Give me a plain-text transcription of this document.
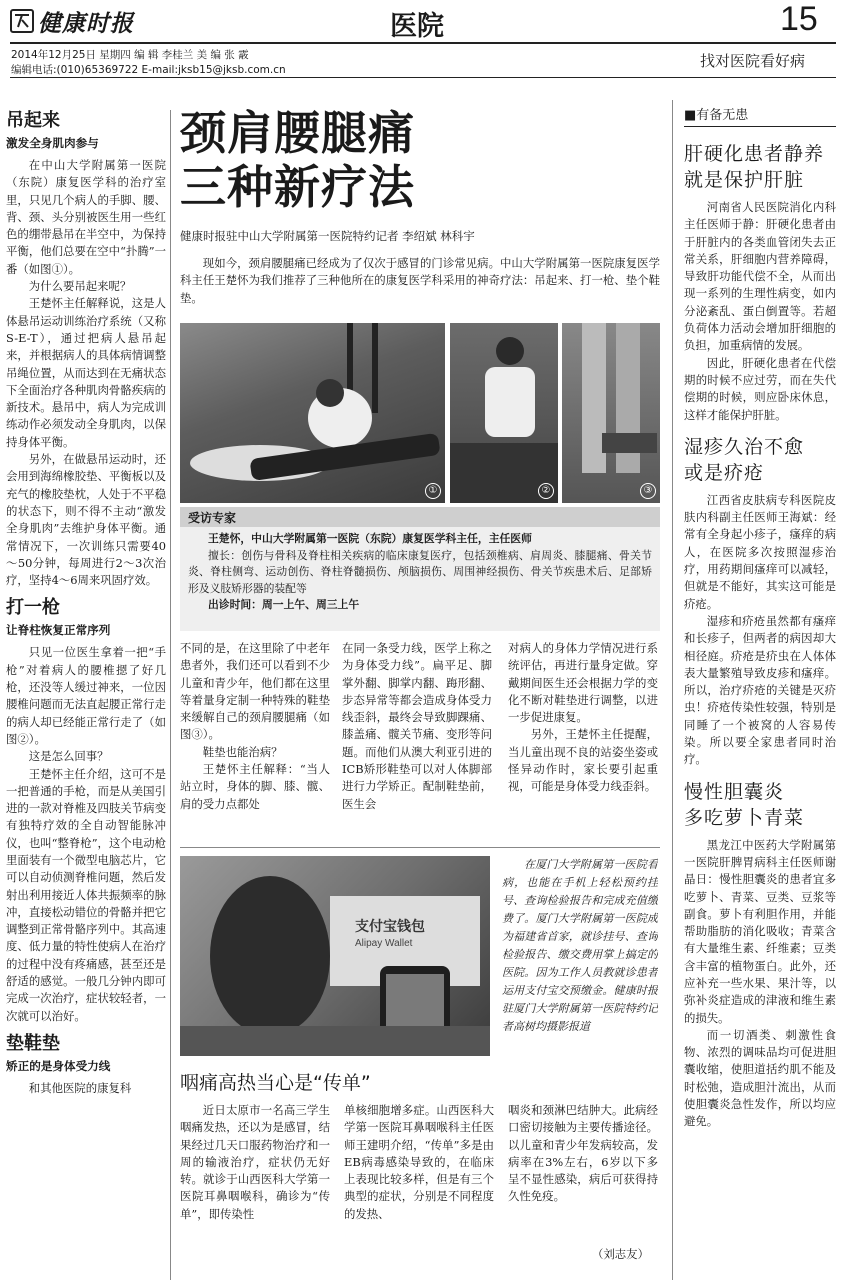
健康时报	医院	15
2014年12月25日 星期四 编 辑 李桂兰 美 编 张 霰
编辑电话:(010)65369722 E-mail:jksb15@jksb.com.cn	找对医院看好病
吊起来
激发全身肌肉参与

在中山大学附属第一医院（东院）康复医学科的治疗室里，只见几个病人的手脚、腰、背、颈、头分别被医生用一些红色的绷带悬吊在半空中，为保持平衡，他们总要在空中“扑腾”一番（如图①）。

为什么要吊起来呢？

王楚怀主任解释说，这是人体悬吊运动训练治疗系统（又称S-E-T），通过把病人悬吊起来，并根据病人的具体病情调整吊绳位置，从而达到在无痛状态下全面治疗各种肌肉骨骼疾病的新技术。悬吊中，病人为完成训练动作必须发动全身肌肉，以保持身体平衡。

另外，在做悬吊运动时，还会用到海绵橡胶垫、平衡板以及充气的橡胶垫枕，人处于不平稳的状态下，则不得不主动“激发全身肌肉”去维护身体平衡。通常情况下，一次训练只需要40～50分钟，每周进行2～3次治疗，坚持4～6周来巩固疗效。

打一枪
让脊柱恢复正常序列

只见一位医生拿着一把“手枪”对着病人的腰椎摁了好几枪，还没等人缓过神来，一位因腰椎问题而无法直起腰正常行走的病人却已经能正常行走了（如图②）。

这是怎么回事？

王楚怀主任介绍，这可不是一把普通的手枪，而是从美国引进的一款对脊椎及四肢关节病变有独特疗效的全自动智能脉冲仪，也叫“整脊枪”，这个电动枪里面装有一个微型电脑芯片，它可以自动侦测脊椎问题，然后发射出利用接近人体共振频率的脉冲，直接松动错位的骨骼并把它调整到正常骨骼序列中。其高速度、低力量的特性使病人在治疗的过程中没有疼痛感，甚至还是舒适的感觉。一般几分钟内即可完成一次治疗，症状较轻者，一次就可以治好。

垫鞋垫
矫正的是身体受力线

和其他医院的康复科

颈肩腰腿痛
三种新疗法
健康时报驻中山大学附属第一医院特约记者 李绍斌 林科宇

现如今，颈肩腰腿痛已经成为了仅次于感冒的门诊常见病。中山大学附属第一医院康复医学科主任王楚怀为我们推荐了三种他所在的康复医学科采用的神奇疗法：吊起来、打一枪、垫个鞋垫。

①	②	③
受访专家

王楚怀，中山大学附属第一医院（东院）康复医学科主任，主任医师

擅长：创伤与骨科及脊柱相关疾病的临床康复医疗，包括颈椎病、肩周炎、膝腿痛、骨关节炎、脊柱侧弯、运动创伤、脊柱脊髓损伤、颅脑损伤、周围神经损伤、骨关节疾患术后、足部矫形及义肢矫形器的装配等

出诊时间：周一上午、周三上午

不同的是，在这里除了中老年患者外，我们还可以看到不少儿童和青少年，他们都在这里等着量身定制一种特殊的鞋垫来缓解自己的颈肩腰腿痛（如图③）。

鞋垫也能治病？

王楚怀主任解释：“当人站立时，身体的脚、膝、髋、肩的受力点都处

在同一条受力线，医学上称之为身体受力线”。扁平足、脚掌外翻、脚掌内翻、踇形翻、步态异常等都会造成身体受力线歪斜，最终会导致脚踝痛、膝盖痛、髋关节痛、变形等问题。而他们从澳大利亚引进的ICB矫形鞋垫可以对人体脚部进行力学矫正。配制鞋垫前，医生会

对病人的身体力学情况进行系统评估，再进行量身定做。穿戴期间医生还会根据力学的变化不断对鞋垫进行调整，以进一步促进康复。

另外，王楚怀主任提醒，当儿童出现不良的站姿坐姿或怪异动作时，家长要引起重视，可能是身体受力线歪斜。

支付宝钱包
Alipay Wallet

在厦门大学附属第一医院看病，也能在手机上轻松预约挂号、查询检验报告和完成充值缴费了。厦门大学附属第一医院成为福建省首家，就诊挂号、查询检验报告、缴交费用掌上搞定的医院。因为工作人员教就诊患者运用支付宝交预缴金。健康时报驻厦门大学附属第一医院特约记者高树均摄影报道

咽痛高热当心是“传单”

近日太原市一名高三学生咽痛发热，还以为是感冒，结果经过几天口服药物治疗和一周的输液治疗，症状仍无好转。就诊于山西医科大学第一医院耳鼻咽喉科，确诊为“传单”，即传染性

单核细胞增多症。山西医科大学第一医院耳鼻咽喉科主任医师王建明介绍，“传单”多是由EB病毒感染导致的，在临床上表现比较多样，但是有三个典型的症状，分别是不同程度的发热、

咽炎和颈淋巴结肿大。此病经口密切接触为主要传播途径。以儿童和青少年发病较高，发病率在3%左右，6岁以下多呈不显性感染，病后可获得持久性免疫。

（刘志友）
■有备无患
肝硬化患者静养
就是保护肝脏

河南省人民医院消化内科主任医师于静：肝硬化患者由于肝脏内的各类血管闭失去正常关系，肝细胞内营养障碍，导致肝功能代偿不全，从而出现一系列的生理性病变，如内分泌紊乱、蛋白倒置等。若超负荷体力活动会增加肝细胞的负担，加重病情的发展。

因此，肝硬化患者在代偿期的时候不应过劳，而在失代偿期的时候，则应卧床休息，这样才能保护肝脏。

湿疹久治不愈
或是疥疮

江西省皮肤病专科医院皮肤内科副主任医师王海斌：经常有全身起小疹子，瘙痒的病人，在医院多次按照湿疹治疗，用药期间瘙痒可以减轻，但就是不能好，其实这可能是疥疮。

湿疹和疥疮虽然都有瘙痒和长疹子，但两者的病因却大相径庭。疥疮是疥虫在人体体表大量繁殖导致皮疹和瘙痒。所以，治疗疥疮的关键是灭疥虫！疥疮传染性较强，特别是同睡了一个被窝的人容易传染。所以要全家患者同时治疗。

慢性胆囊炎
多吃萝卜青菜

黑龙江中医药大学附属第一医院肝脾胃病科主任医师谢晶日：慢性胆囊炎的患者宜多吃萝卜、青菜、豆类、豆浆等副食。萝卜有利胆作用，并能帮助脂肪的消化吸收；青菜含有大量维生素、纤维素；豆类含丰富的植物蛋白。此外，还应补充一些水果、果汁等，以弥补炎症造成的津液和维生素的损失。

而一切酒类、刺激性食物、浓烈的调味品均可促进胆囊收缩，使胆道括约肌不能及时松弛，造成胆汁流出，从而使胆囊炎急性发作，所以均应避免。
